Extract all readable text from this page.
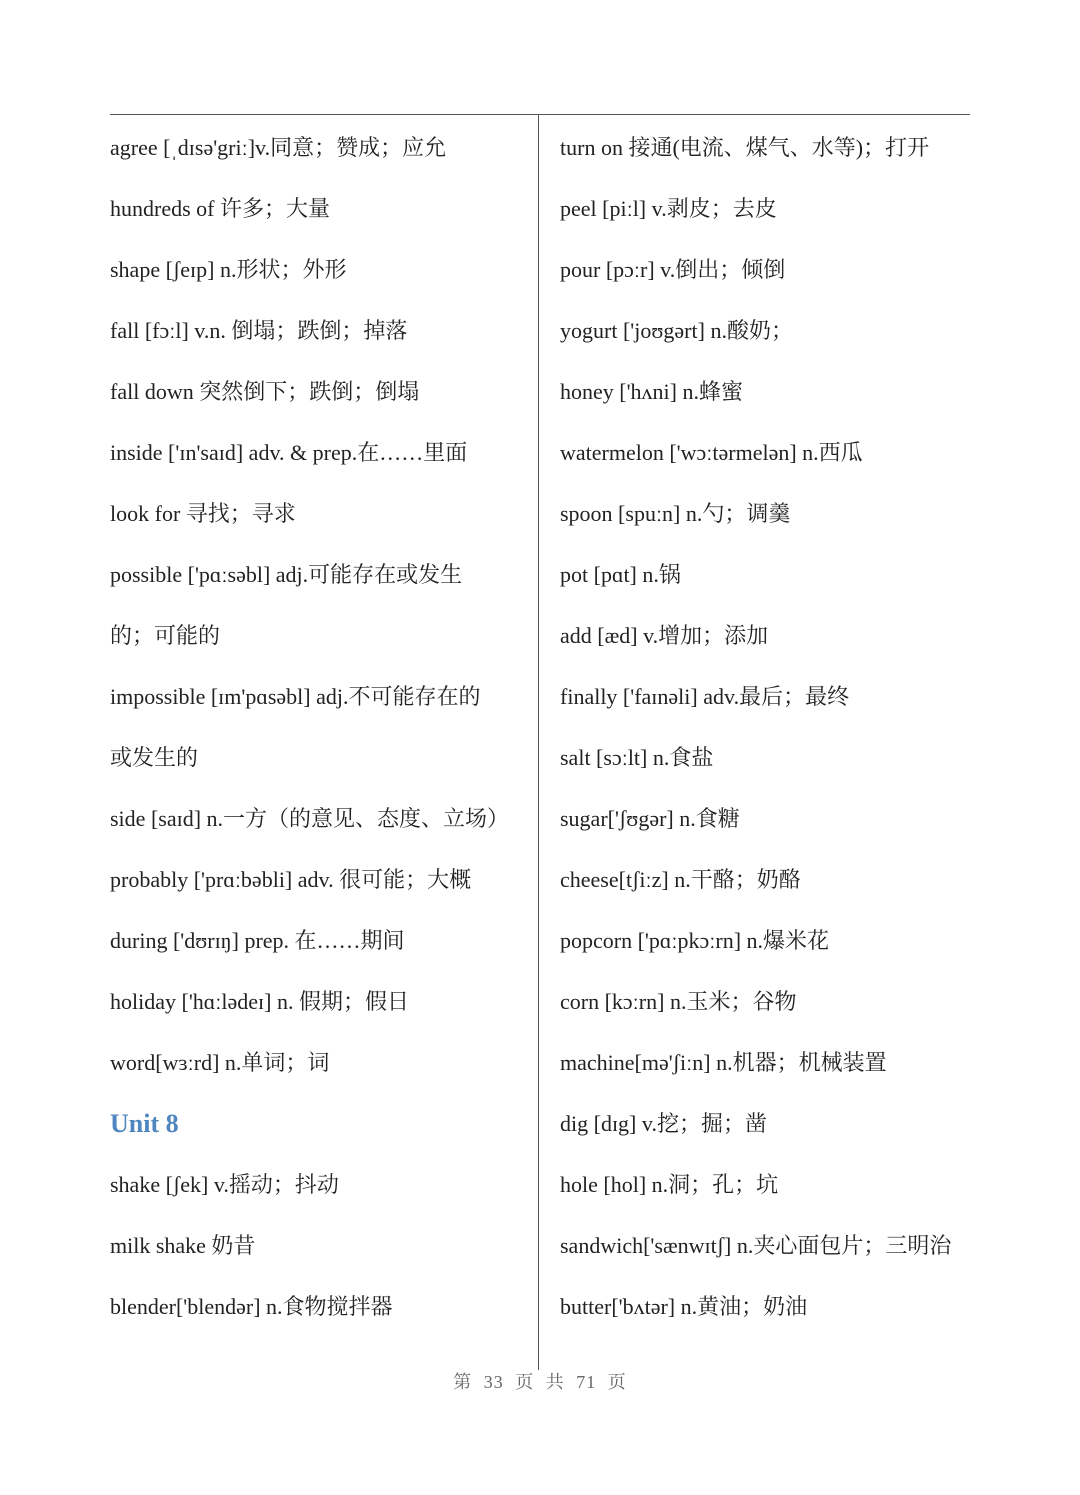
agree [ˌdɪsə'griː]v.同意；赞成；应允
hundreds of 许多；大量
shape [ʃeɪp] n.形状；外形
fall [fɔːl] v.n. 倒塌；跌倒；掉落
fall down 突然倒下；跌倒；倒塌
inside ['ɪn'saɪd] adv. & prep.在……里面
look for 寻找；寻求
possible ['pɑːsəbl] adj.可能存在或发生
的；可能的
impossible [ɪm'pɑsəbl] adj.不可能存在的
或发生的
side [saɪd] n.一方（的意见、态度、立场）
probably ['prɑːbəbli] adv. 很可能；大概
during ['dʊrɪŋ] prep. 在……期间
holiday ['hɑːlədeɪ] n. 假期；假日
word[wɜːrd] n.单词；词
Unit 8
shake [ʃek] v.摇动；抖动
milk shake 奶昔
blender['blendər] n.食物搅拌器
turn on 接通(电流、煤气、水等)；打开
peel [piːl] v.剥皮；去皮
pour [pɔːr] v.倒出；倾倒
yogurt ['joʊgərt] n.酸奶；
honey ['hʌni] n.蜂蜜
watermelon ['wɔːtərmelən] n.西瓜
spoon [spuːn] n.勺；调羹
pot [pɑt] n.锅
add [æd] v.增加；添加
finally ['faɪnəli] adv.最后；最终
salt [sɔːlt] n.食盐
sugar['ʃʊgər] n.食糖
cheese[tʃiːz] n.干酪；奶酪
popcorn ['pɑːpkɔːrn] n.爆米花
corn [kɔːrn] n.玉米；谷物
machine[mə'ʃiːn] n.机器；机械装置
dig [dɪg] v.挖；掘；凿
hole [hol] n.洞；孔；坑
sandwich['sænwɪtʃ] n.夹心面包片；三明治
butter['bʌtər] n.黄油；奶油
第 33 页 共 71 页
